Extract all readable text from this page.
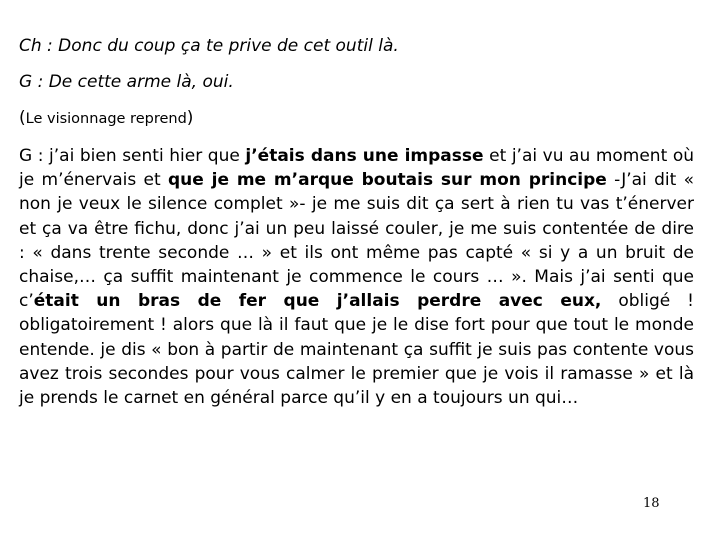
Ch : Donc du coup ça te prive de cet outil là.
G : De cette arme là, oui.
(Le visionnage reprend)
G : j’ai bien senti hier que j’étais dans une impasse et j’ai vu au moment où je m’énervais et que je me m’arque boutais sur mon principe -J’ai dit « non je veux le silence complet »- je me suis dit ça sert à rien tu vas t’énerver et ça va être fichu, donc j’ai un peu laissé couler, je me suis contentée de dire : « dans trente seconde … » et ils ont même pas capté « si y a un bruit de chaise,… ça suffit maintenant je commence le cours … ». Mais j’ai senti que c’était un bras de fer que j’allais perdre avec eux, obligé ! obligatoirement ! alors que là il faut que je le dise fort pour que tout le monde entende. je dis « bon à partir de maintenant ça suffit je suis pas contente vous avez trois secondes pour vous calmer le premier que je vois il ramasse » et là je prends le carnet en général parce qu’il y en a toujours un qui…
18
